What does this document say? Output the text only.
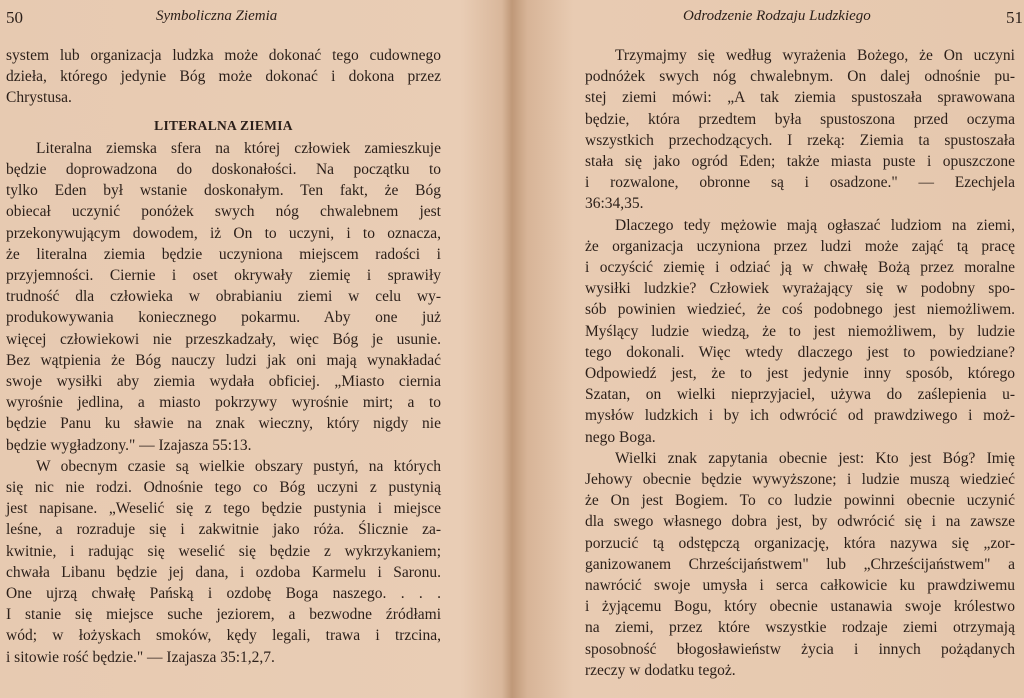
50	Symboliczna Ziemia
system lub organizacja ludzka może dokonać tego cudownego
dzieła, którego jedynie Bóg może dokonać i dokona przez
Chrystusa.
LITERALNA ZIEMIA
Literalna ziemska sfera na której człowiek zamieszkuje
będzie doprowadzona do doskonałości. Na początku to
tylko Eden był wstanie doskonałym. Ten fakt, że Bóg
obiecał uczynić ponóżek swych nóg chwalebnem jest
przekonywującym dowodem, iż On to uczyni, i to oznacza,
że literalna ziemia będzie uczyniona miejscem radości i
przyjemności. Ciernie i oset okrywały ziemię i sprawiły
trudność dla człowieka w obrabianiu ziemi w celu wy-
produkowywania koniecznego pokarmu. Aby one już
więcej człowiekowi nie przeszkadzały, więc Bóg je usunie.
Bez wątpienia że Bóg nauczy ludzi jak oni mają wynakładać
swoje wysiłki aby ziemia wydała obficiej. „Miasto ciernia
wyrośnie jedlina, a miasto pokrzywy wyrośnie mirt; a to
będzie Panu ku sławie na znak wieczny, który nigdy nie
będzie wygładzony." — Izajasza 55:13.
W obecnym czasie są wielkie obszary pustyń, na których
się nic nie rodzi. Odnośnie tego co Bóg uczyni z pustynią
jest napisane. „Weselić się z tego będzie pustynia i miejsce
leśne, a rozraduje się i zakwitnie jako róża. Ślicznie za-
kwitnie, i radując się weselić się będzie z wykrzykaniem;
chwała Libanu będzie jej dana, i ozdoba Karmelu i Saronu.
One ujrzą chwałę Pańską i ozdobę Boga naszego. . . .
I stanie się miejsce suche jeziorem, a bezwodne źródłami
wód; w łożyskach smoków, kędy legali, trawa i trzcina,
i sitowie rość będzie." — Izajasza 35:1,2,7.
Odrodzenie Rodzaju Ludzkiego	51
Trzymajmy się według wyrażenia Bożego, że On uczyni
podnóżek swych nóg chwalebnym. On dalej odnośnie pu-
stej ziemi mówi: „A tak ziemia spustoszała sprawowana
będzie, która przedtem była spustoszona przed oczyma
wszystkich przechodzących. I rzeką: Ziemia ta spustoszała
stała się jako ogród Eden; także miasta puste i opuszczone
i rozwalone, obronne są i osadzone." — Ezechjela
36:34,35.
Dlaczego tedy mężowie mają ogłaszać ludziom na ziemi,
że organizacja uczyniona przez ludzi może zająć tą pracę
i oczyścić ziemię i odziać ją w chwałę Bożą przez moralne
wysiłki ludzkie? Człowiek wyrażający się w podobny spo-
sób powinien wiedzieć, że coś podobnego jest niemożliwem.
Myślący ludzie wiedzą, że to jest niemożliwem, by ludzie
tego dokonali. Więc wtedy dlaczego jest to powiedziane?
Odpowiedź jest, że to jest jedynie inny sposób, którego
Szatan, on wielki nieprzyjaciel, używa do zaślepienia u-
mysłów ludzkich i by ich odwrócić od prawdziwego i moż-
nego Boga.
Wielki znak zapytania obecnie jest: Kto jest Bóg? Imię
Jehowy obecnie będzie wywyższone; i ludzie muszą wiedzieć
że On jest Bogiem. To co ludzie powinni obecnie uczynić
dla swego własnego dobra jest, by odwrócić się i na zawsze
porzucić tą odstępczą organizację, która nazywa się „zor-
ganizowanem Chrześcijaństwem" lub „Chrześcijaństwem" a
nawrócić swoje umysła i serca całkowicie ku prawdziwemu
i żyjącemu Bogu, który obecnie ustanawia swoje królestwo
na ziemi, przez które wszystkie rodzaje ziemi otrzymają
sposobność błogosławieństw życia i innych pożądanych
rzeczy w dodatku tegoż.
